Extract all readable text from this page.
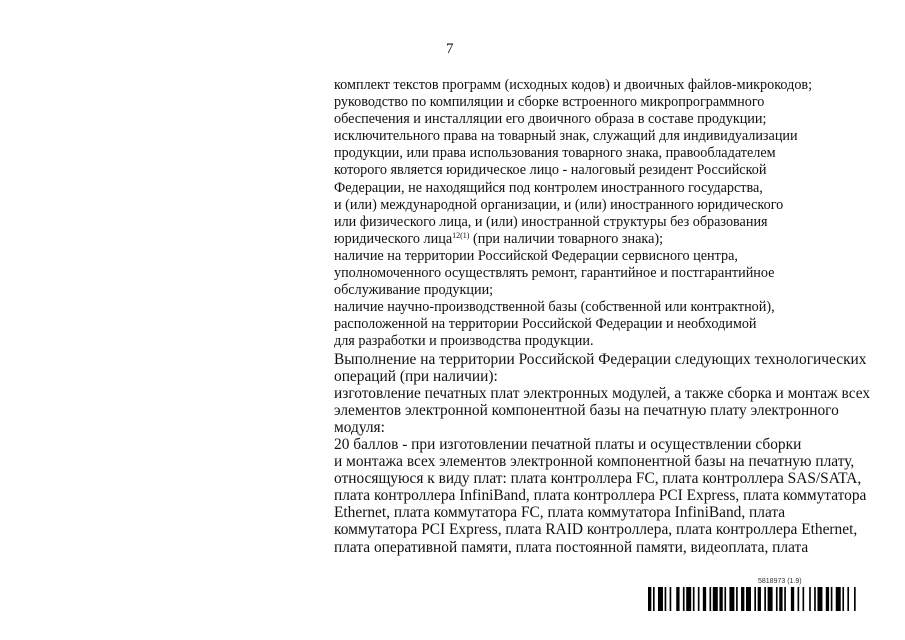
7
комплект текстов программ (исходных кодов) и двоичных файлов-микрокодов;
руководство по компиляции и сборке встроенного микропрограммного
обеспечения и инсталляции его двоичного образа в составе продукции;
исключительного права на товарный знак, служащий для индивидуализации
продукции, или права использования товарного знака, правообладателем
которого является юридическое лицо - налоговый резидент Российской
Федерации, не находящийся под контролем иностранного государства,
и (или) международной организации, и (или) иностранного юридического
или физического лица, и (или) иностранной структуры без образования
юридического лица$^{12(1)}$ (при наличии товарного знака);
наличие на территории Российской Федерации сервисного центра,
уполномоченного осуществлять ремонт, гарантийное и постгарантийное
обслуживание продукции;
наличие научно-производственной базы (собственной или контрактной),
расположенной на территории Российской Федерации и необходимой
для разработки и производства продукции.
Выполнение на территории Российской Федерации следующих технологических
операций (при наличии):
изготовление печатных плат электронных модулей, а также сборка и монтаж всех
элементов электронной компонентной базы на печатную плату электронного
модуля:
20 баллов - при изготовлении печатной платы и осуществлении сборки
и монтажа всех элементов электронной компонентной базы на печатную плату,
относящуюся к виду плат: плата контроллера FC, плата контроллера SAS/SATA,
плата контроллера InfiniBand, плата контроллера PCI Express, плата коммутатора
Ethernet, плата коммутатора FC, плата коммутатора InfiniBand, плата
коммутатора PCI Express, плата RAID контроллера, плата контроллера Ethernet,
плата оперативной памяти, плата постоянной памяти, видеоплата, плата
5818973 (1.9)
